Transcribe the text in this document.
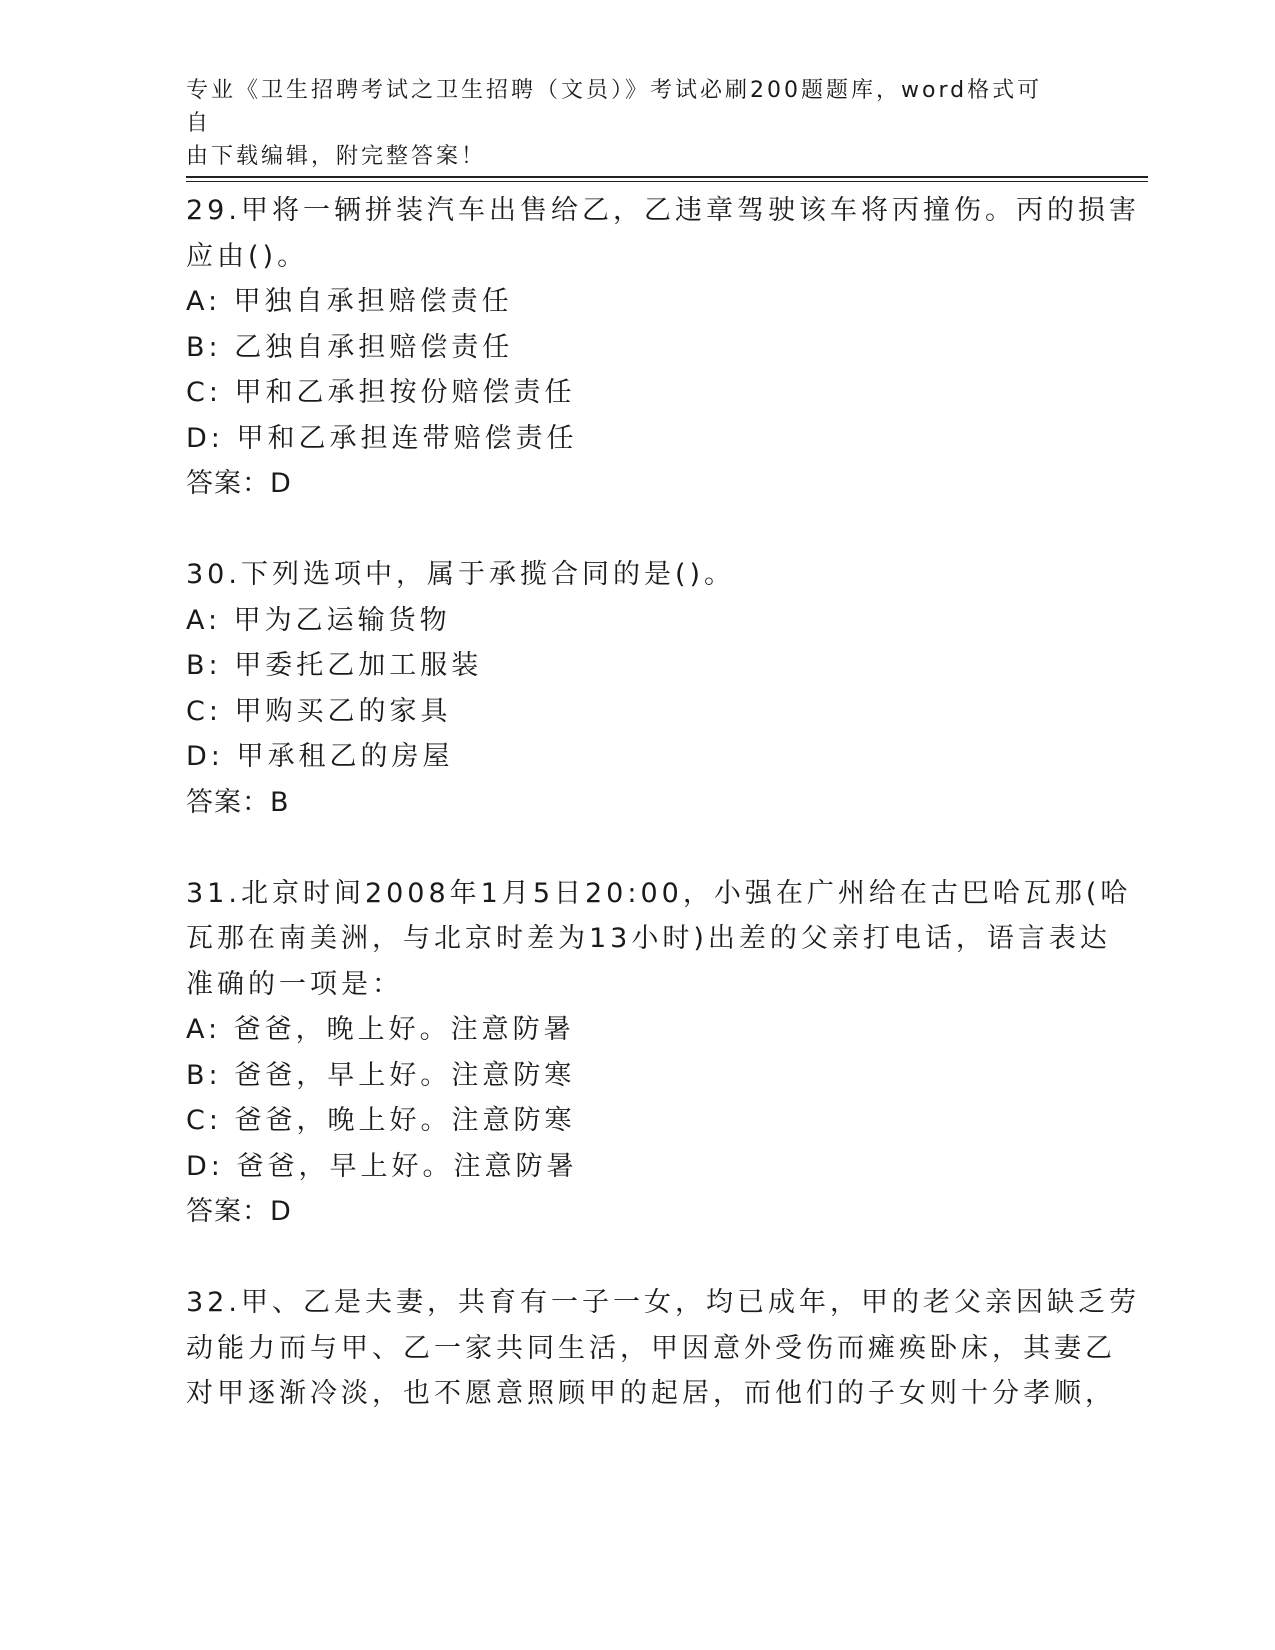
专业《卫生招聘考试之卫生招聘（文员）》考试必刷200题题库，word格式可自
由下载编辑，附完整答案！
29.甲将一辆拼装汽车出售给乙，乙违章驾驶该车将丙撞伤。丙的损害
应由()。
A: 甲独自承担赔偿责任
B: 乙独自承担赔偿责任
C: 甲和乙承担按份赔偿责任
D: 甲和乙承担连带赔偿责任
答案：D
30.下列选项中，属于承揽合同的是()。
A: 甲为乙运输货物
B: 甲委托乙加工服装
C: 甲购买乙的家具
D: 甲承租乙的房屋
答案：B
31.北京时间2008年1月5日20:00，小强在广州给在古巴哈瓦那(哈
瓦那在南美洲，与北京时差为13小时)出差的父亲打电话，语言表达
准确的一项是：
A: 爸爸，晚上好。注意防暑
B: 爸爸，早上好。注意防寒
C: 爸爸，晚上好。注意防寒
D: 爸爸，早上好。注意防暑
答案：D
32.甲、乙是夫妻，共育有一子一女，均已成年，甲的老父亲因缺乏劳
动能力而与甲、乙一家共同生活，甲因意外受伤而瘫痪卧床，其妻乙
对甲逐渐冷淡，也不愿意照顾甲的起居，而他们的子女则十分孝顺，
